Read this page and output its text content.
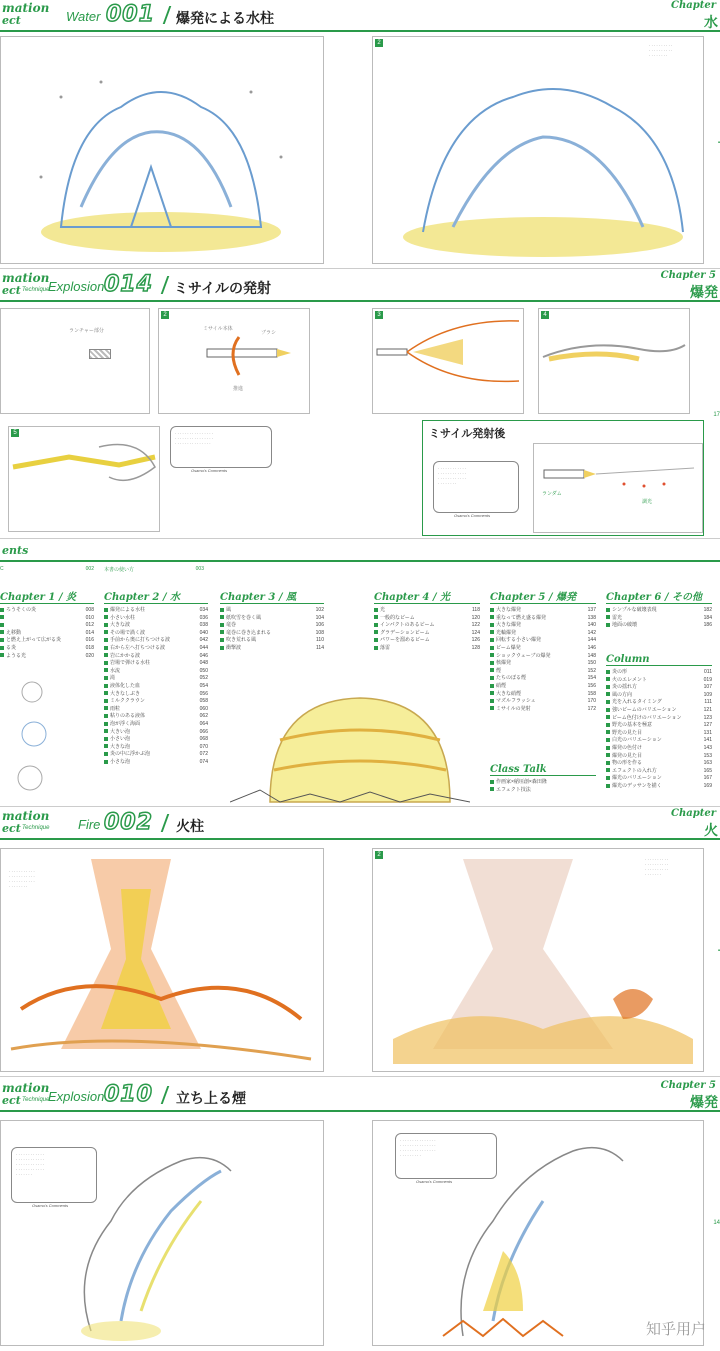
mation
ect	Water 001 爆発による水柱
Chapter
水
2	· · · · · · · · · ·
· · · · · · · · · ·
· · · · · · · ·
▪
mation
ect Technique
Explosion 014 ミサイルの発射
Chapter 5
爆発
ランチャー部分
2
ミサイル本体
ブラシ
推進
3	4
5	· · · · · · · · · · · · · · · ·
· · · · · · · · · · · · · · · ·
· · · · · · · · · · · · · · ·
Osamu's Comments
ミサイル発射後
· · · · · · · · · · · ·
· · · · · · · · · · · ·
· · · · · · · · · · · ·
· · · · · · · ·
Osamu's Comments
ランダム
調光
17
ents
C	002 本書の使い方	003
Chapter 1 / 炎
ろうそくの炎	008
010
012
え移動	014
と燃え上がって広がる炎	016
る炎	018
ようる光	020
Chapter 2 / 水
爆発による水柱	034
小さい水柱	036
大きな波	038
その場で渦く波	040
手前から奥に打ちつける波	042
右から左へ打ちつける波	044
岩にかかる波	046
岩場で弾ける水柱	048
水流	050
滝	052
液体化した血	054
大きなしぶき	056
ミルククラウン	058
雨粒	060
粘りのある液体	062
泡が浮く海面	064
大きい泡	066
小さい泡	068
大きな泡	070
炎の中に浮かぶ泡	072
小さな泡	074
Chapter 3 / 風
風	102
紙吹雪を巻く風	104
竜巻	106
竜巻に巻き込まれる	108
吹き荒れる風	110
衝撃波	114
Chapter 4 / 光
光	118
一般的なビーム	120
インパクトのあるビーム	122
グラデーションビーム	124
パワーを溜めるビーム	126
落雷	128
Chapter 5 / 爆発
大きな爆発	137
重なって燃え盛る爆発	138
大きな爆発	140
光輪爆発	142
回転する小さい爆発	144
ビーム爆発	146
ショックウェーブの爆発	148
核爆発	150
煙	152
たちのぼる煙	154
硝煙	156
大きな硝煙	158
マズルフラッシュ	170
ミサイルの発射	172
Chapter 6 / その他
シンプルな破壊表現	182
雷光	184
地面の破壊	186
Column
炎の形	011
火のエレメント	019
炎の揺れ方	107
風の方向	109
光を入れるタイミング	111
強いビームのバリエーション	121
ビーム色付けのバリエーション	123
野光の基本を極意	127
野光の見た目	131
白光のバリエーション	141
爆発の色付け	143
爆発の見た目	153
物の形を作る	163
エフェクトの入れ方	165
爆光のバリエーション	167
爆光のデッサンを描く	169
Class Talk
作画家×稲垣創×森田隆
エフェクト技法
mation
ect Technique Fire 002 火柱
Chapter
火
· · · · · · · · · · ·
· · · · · · · · · · ·
· · · · · · · · · · ·
· · · · · · · ·
2
· · · · · · · · · ·
· · · · · · · · · ·
· · · · · · · · · ·
· · · · · · ·
▪
mation
ect Technique
Explosion 010 立ち上る煙
Chapter 5
爆発
· · · · · · · · · · · ·
· · · · · · · · · · · ·
· · · · · · · · · · · ·
· · · · · · · · · · · ·
· · · · · · ·
Osamu's Comments
· · · · · · · · · · · · · · ·
· · · · · · · · · · · · · · ·
· · · · · · · · · · · · · · ·
· · · · · · · · ·
Osamu's Comments
14
知乎用户
